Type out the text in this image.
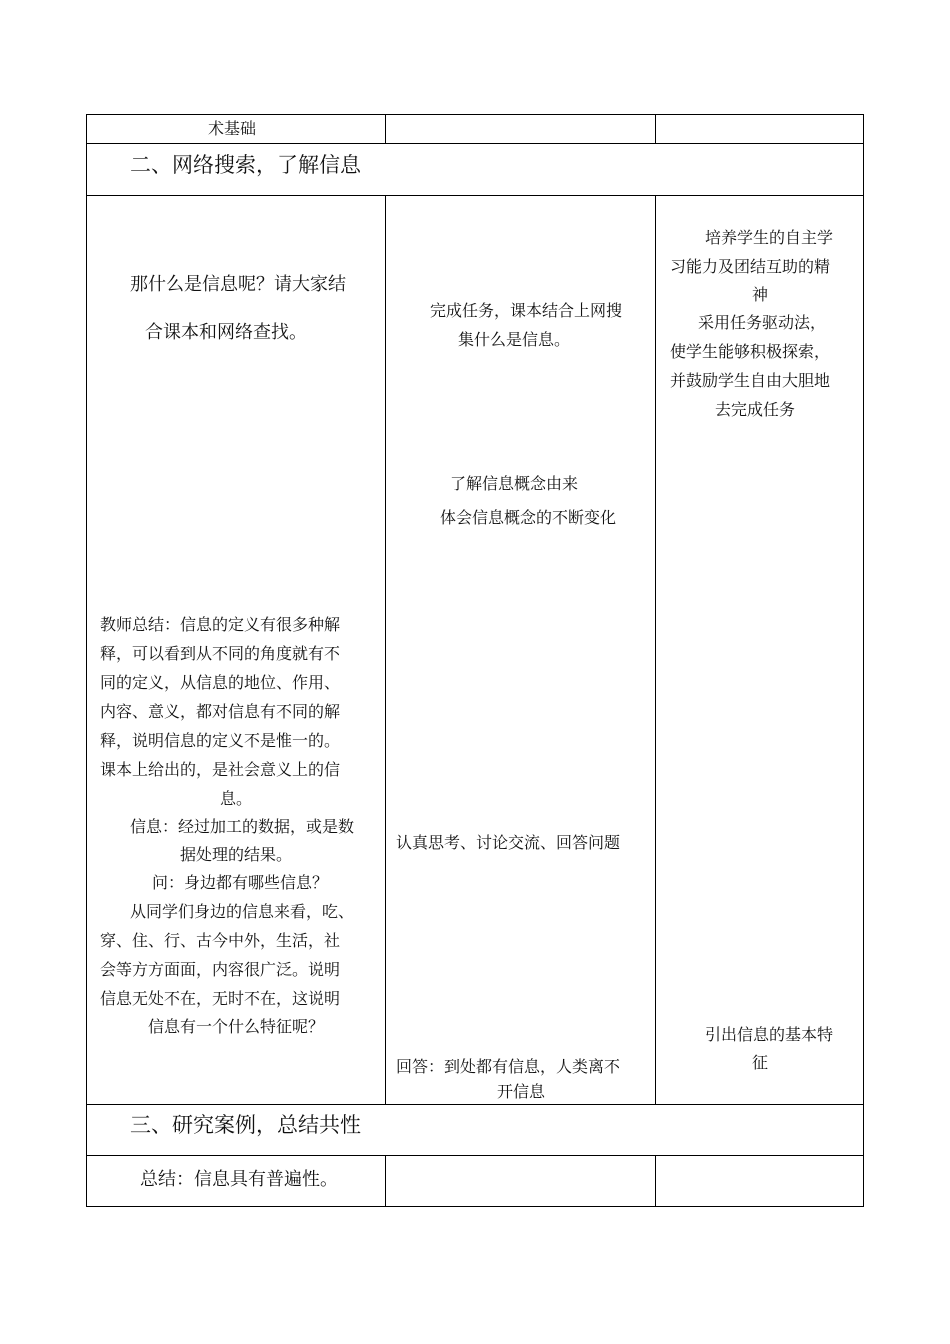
术基础
二、网络搜索，了解信息
那什么是信息呢？请大家结
合课本和网络查找。
教师总结：信息的定义有很多种解
释，可以看到从不同的角度就有不
同的定义，从信息的地位、作用、
内容、意义，都对信息有不同的解
释，说明信息的定义不是惟一的。
课本上给出的，是社会意义上的信
息。
信息：经过加工的数据，或是数
据处理的结果。
问：身边都有哪些信息？
从同学们身边的信息来看，吃、
穿、住、行、古今中外，生活，社
会等方方面面，内容很广泛。说明
信息无处不在，无时不在，这说明
信息有一个什么特征呢？
完成任务，课本结合上网搜
集什么是信息。
了解信息概念由来
体会信息概念的不断变化
认真思考、讨论交流、回答问题
回答：到处都有信息，人类离不
开信息
培养学生的自主学
习能力及团结互助的精
神
采用任务驱动法，
使学生能够积极探索，
并鼓励学生自由大胆地
去完成任务
引出信息的基本特
征
三、研究案例，总结共性
总结：信息具有普遍性。
